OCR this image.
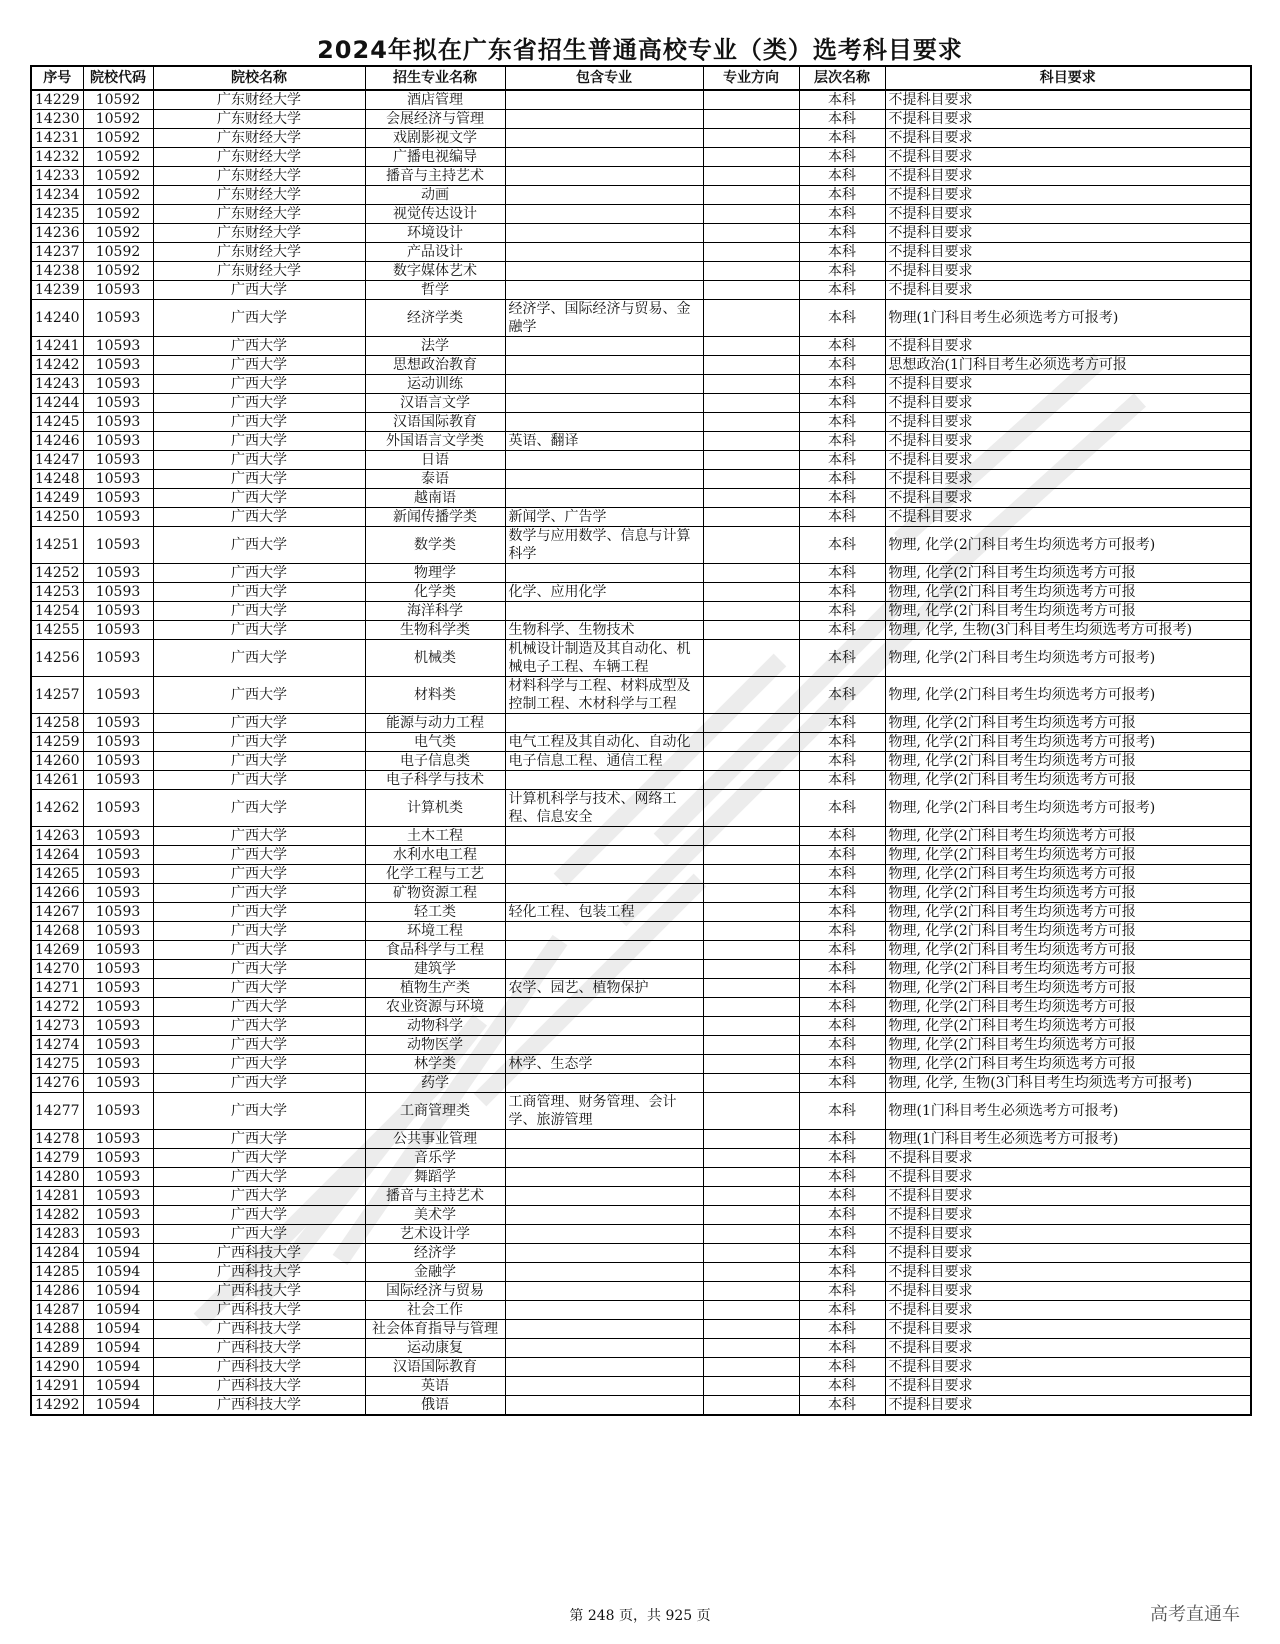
2024年拟在广东省招生普通高校专业（类）选考科目要求
序号	院校代码	院校名称	招生专业名称	包含专业	专业方向	层次名称	科目要求
14229	10592	广东财经大学	酒店管理			本科	不提科目要求
14230	10592	广东财经大学	会展经济与管理			本科	不提科目要求
14231	10592	广东财经大学	戏剧影视文学			本科	不提科目要求
14232	10592	广东财经大学	广播电视编导			本科	不提科目要求
14233	10592	广东财经大学	播音与主持艺术			本科	不提科目要求
14234	10592	广东财经大学	动画			本科	不提科目要求
14235	10592	广东财经大学	视觉传达设计			本科	不提科目要求
14236	10592	广东财经大学	环境设计			本科	不提科目要求
14237	10592	广东财经大学	产品设计			本科	不提科目要求
14238	10592	广东财经大学	数字媒体艺术			本科	不提科目要求
14239	10593	广西大学	哲学			本科	不提科目要求
14240	10593	广西大学	经济学类	经济学、国际经济与贸易、金融学		本科	物理(1门科目考生必须选考方可报考)
14241	10593	广西大学	法学			本科	不提科目要求
14242	10593	广西大学	思想政治教育			本科	思想政治(1门科目考生必须选考方可报
14243	10593	广西大学	运动训练			本科	不提科目要求
14244	10593	广西大学	汉语言文学			本科	不提科目要求
14245	10593	广西大学	汉语国际教育			本科	不提科目要求
14246	10593	广西大学	外国语言文学类	英语、翻译		本科	不提科目要求
14247	10593	广西大学	日语			本科	不提科目要求
14248	10593	广西大学	泰语			本科	不提科目要求
14249	10593	广西大学	越南语			本科	不提科目要求
14250	10593	广西大学	新闻传播学类	新闻学、广告学		本科	不提科目要求
14251	10593	广西大学	数学类	数学与应用数学、信息与计算科学		本科	物理, 化学(2门科目考生均须选考方可报考)
14252	10593	广西大学	物理学			本科	物理, 化学(2门科目考生均须选考方可报
14253	10593	广西大学	化学类	化学、应用化学		本科	物理, 化学(2门科目考生均须选考方可报
14254	10593	广西大学	海洋科学			本科	物理, 化学(2门科目考生均须选考方可报
14255	10593	广西大学	生物科学类	生物科学、生物技术		本科	物理, 化学, 生物(3门科目考生均须选考方可报考)
14256	10593	广西大学	机械类	机械设计制造及其自动化、机械电子工程、车辆工程		本科	物理, 化学(2门科目考生均须选考方可报考)
14257	10593	广西大学	材料类	材料科学与工程、材料成型及控制工程、木材科学与工程		本科	物理, 化学(2门科目考生均须选考方可报考)
14258	10593	广西大学	能源与动力工程			本科	物理, 化学(2门科目考生均须选考方可报
14259	10593	广西大学	电气类	电气工程及其自动化、自动化		本科	物理, 化学(2门科目考生均须选考方可报考)
14260	10593	广西大学	电子信息类	电子信息工程、通信工程		本科	物理, 化学(2门科目考生均须选考方可报
14261	10593	广西大学	电子科学与技术			本科	物理, 化学(2门科目考生均须选考方可报
14262	10593	广西大学	计算机类	计算机科学与技术、网络工程、信息安全		本科	物理, 化学(2门科目考生均须选考方可报考)
14263	10593	广西大学	土木工程			本科	物理, 化学(2门科目考生均须选考方可报
14264	10593	广西大学	水利水电工程			本科	物理, 化学(2门科目考生均须选考方可报
14265	10593	广西大学	化学工程与工艺			本科	物理, 化学(2门科目考生均须选考方可报
14266	10593	广西大学	矿物资源工程			本科	物理, 化学(2门科目考生均须选考方可报
14267	10593	广西大学	轻工类	轻化工程、包装工程		本科	物理, 化学(2门科目考生均须选考方可报
14268	10593	广西大学	环境工程			本科	物理, 化学(2门科目考生均须选考方可报
14269	10593	广西大学	食品科学与工程			本科	物理, 化学(2门科目考生均须选考方可报
14270	10593	广西大学	建筑学			本科	物理, 化学(2门科目考生均须选考方可报
14271	10593	广西大学	植物生产类	农学、园艺、植物保护		本科	物理, 化学(2门科目考生均须选考方可报
14272	10593	广西大学	农业资源与环境			本科	物理, 化学(2门科目考生均须选考方可报
14273	10593	广西大学	动物科学			本科	物理, 化学(2门科目考生均须选考方可报
14274	10593	广西大学	动物医学			本科	物理, 化学(2门科目考生均须选考方可报
14275	10593	广西大学	林学类	林学、生态学		本科	物理, 化学(2门科目考生均须选考方可报
14276	10593	广西大学	药学			本科	物理, 化学, 生物(3门科目考生均须选考方可报考)
14277	10593	广西大学	工商管理类	工商管理、财务管理、会计学、旅游管理		本科	物理(1门科目考生必须选考方可报考)
14278	10593	广西大学	公共事业管理			本科	物理(1门科目考生必须选考方可报考)
14279	10593	广西大学	音乐学			本科	不提科目要求
14280	10593	广西大学	舞蹈学			本科	不提科目要求
14281	10593	广西大学	播音与主持艺术			本科	不提科目要求
14282	10593	广西大学	美术学			本科	不提科目要求
14283	10593	广西大学	艺术设计学			本科	不提科目要求
14284	10594	广西科技大学	经济学			本科	不提科目要求
14285	10594	广西科技大学	金融学			本科	不提科目要求
14286	10594	广西科技大学	国际经济与贸易			本科	不提科目要求
14287	10594	广西科技大学	社会工作			本科	不提科目要求
14288	10594	广西科技大学	社会体育指导与管理			本科	不提科目要求
14289	10594	广西科技大学	运动康复			本科	不提科目要求
14290	10594	广西科技大学	汉语国际教育			本科	不提科目要求
14291	10594	广西科技大学	英语			本科	不提科目要求
14292	10594	广西科技大学	俄语			本科	不提科目要求
第 248 页，共 925 页	高考直通车
